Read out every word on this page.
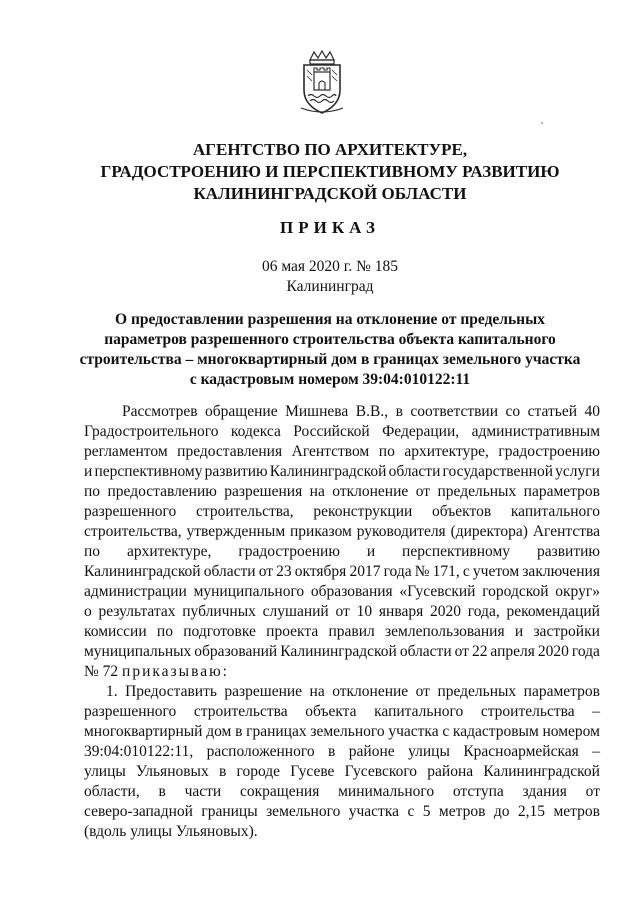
АГЕНТСТВО ПО АРХИТЕКТУРЕ,
ГРАДОСТРОЕНИЮ И ПЕРСПЕКТИВНОМУ РАЗВИТИЮ
КАЛИНИНГРАДСКОЙ ОБЛАСТИ
ПРИКАЗ
06 мая 2020 г. № 185
Калининград
О предоставлении разрешения на отклонение от предельных
параметров разрешенного строительства объекта капитального
строительства – многоквартирный дом в границах земельного участка
с кадастровым номером 39:04:010122:11
Рассмотрев обращение Мишнева В.В., в соответствии со статьей 40
Градостроительного кодекса Российской Федерации, административным
регламентом предоставления Агентством по архитектуре, градостроению
и перспективному развитию Калининградской области государственной услуги
по предоставлению разрешения на отклонение от предельных параметров
разрешенного строительства, реконструкции объектов капитального
строительства, утвержденным приказом руководителя (директора) Агентства
по архитектуре, градостроению и перспективному развитию
Калининградской области от 23 октября 2017 года № 171, с учетом заключения
администрации муниципального образования «Гусевский городской округ»
о результатах публичных слушаний от 10 января 2020 года, рекомендаций
комиссии по подготовке проекта правил землепользования и застройки
муниципальных образований Калининградской области от 22 апреля 2020 года
№ 72
приказываю:
1. Предоставить разрешение на отклонение от предельных параметров
разрешенного строительства объекта капитального строительства –
многоквартирный дом в границах земельного участка с кадастровым номером
39:04:010122:11, расположенного в районе улицы Красноармейская –
улицы Ульяновых в городе Гусеве Гусевского района Калининградской
области, в части сокращения минимального отступа здания от
северо-западной границы земельного участка с 5 метров до 2,15 метров
(вдоль улицы Ульяновых).
